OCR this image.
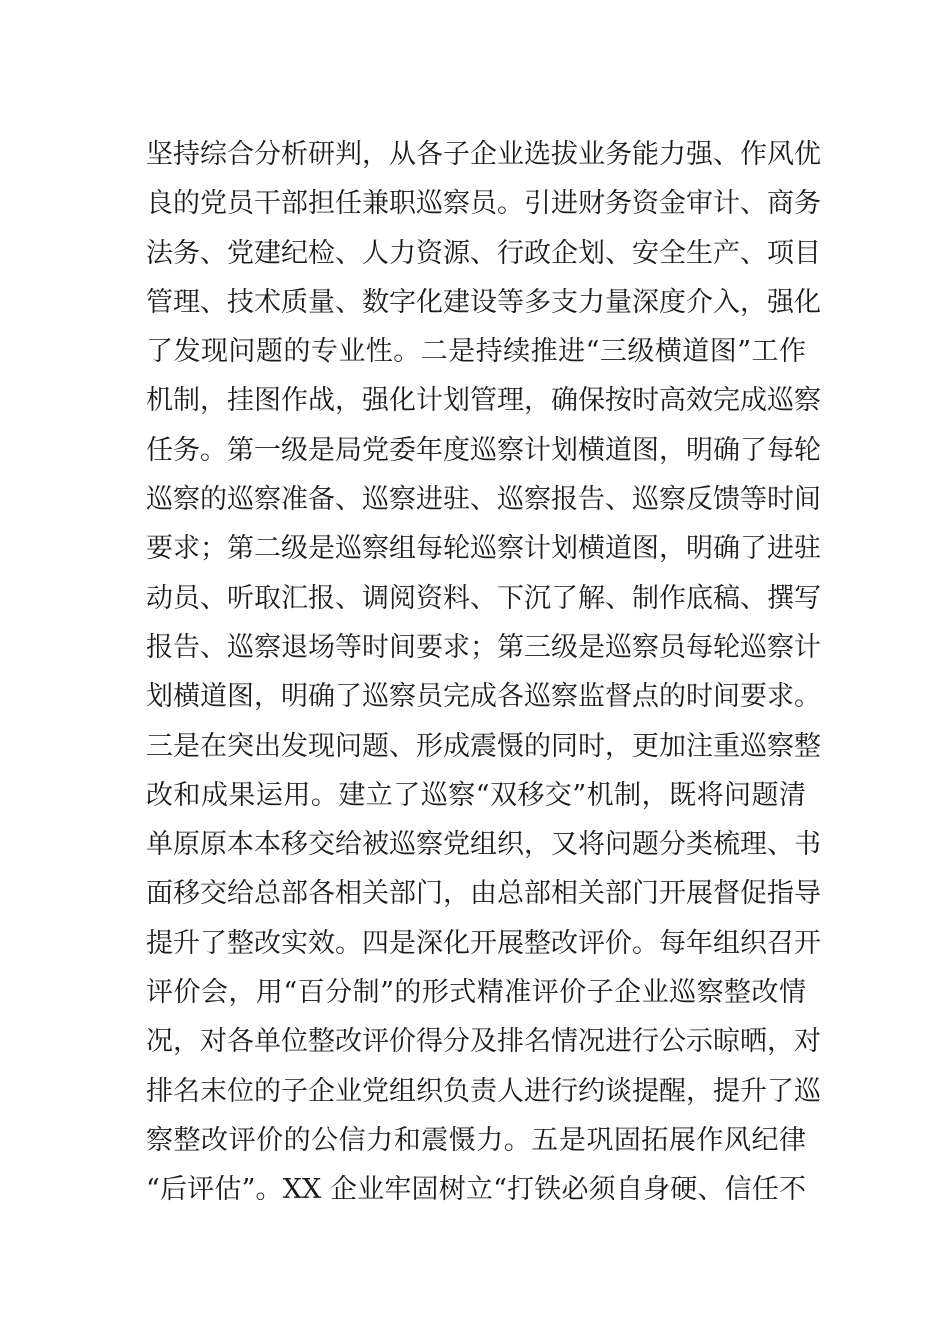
坚持综合分析研判，从各子企业选拔业务能力强、作风优
良的党员干部担任兼职巡察员。引进财务资金审计、商务
法务、党建纪检、人力资源、行政企划、安全生产、项目
管理、技术质量、数字化建设等多支力量深度介入，强化
了发现问题的专业性。二是持续推进“三级横道图”工作
机制，挂图作战，强化计划管理，确保按时高效完成巡察
任务。第一级是局党委年度巡察计划横道图，明确了每轮
巡察的巡察准备、巡察进驻、巡察报告、巡察反馈等时间
要求；第二级是巡察组每轮巡察计划横道图，明确了进驻
动员、听取汇报、调阅资料、下沉了解、制作底稿、撰写
报告、巡察退场等时间要求；第三级是巡察员每轮巡察计
划横道图，明确了巡察员完成各巡察监督点的时间要求。
三是在突出发现问题、形成震慑的同时，更加注重巡察整
改和成果运用。建立了巡察“双移交”机制，既将问题清
单原原本本移交给被巡察党组织，又将问题分类梳理、书
面移交给总部各相关部门，由总部相关部门开展督促指导
提升了整改实效。四是深化开展整改评价。每年组织召开
评价会，用“百分制”的形式精准评价子企业巡察整改情
况，对各单位整改评价得分及排名情况进行公示晾晒，对
排名末位的子企业党组织负责人进行约谈提醒，提升了巡
察整改评价的公信力和震慑力。五是巩固拓展作风纪律
“后评估”。XX 企业牢固树立“打铁必须自身硬、信任不
